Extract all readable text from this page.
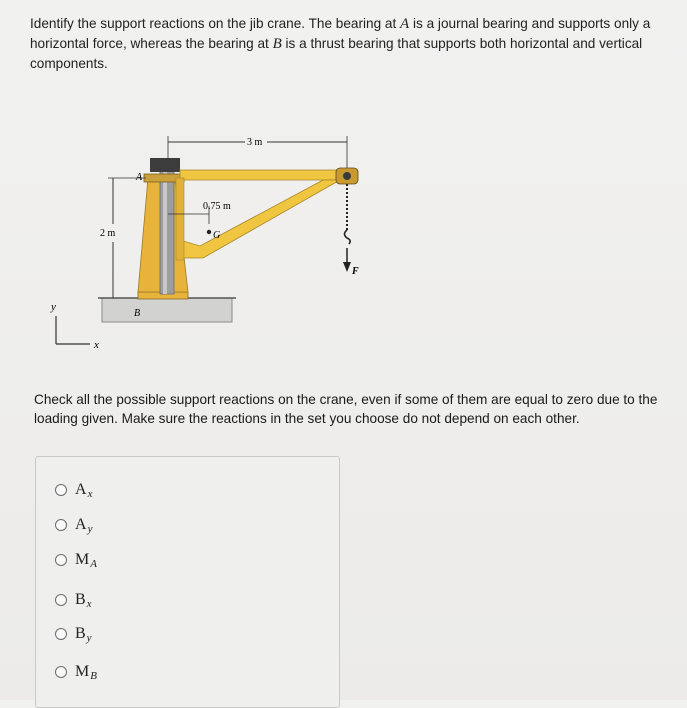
Identify the support reactions on the jib crane. The bearing at A is a journal bearing and supports only a horizontal force, whereas the bearing at B is a thrust bearing that supports both horizontal and vertical components.
F
3 m
2 m
0.75 m
G
A
B
y
x
Check all the possible support reactions on the crane, even if some of them are equal to zero due to the loading given. Make sure the reactions in the set you choose do not depend on each other.
Ax
Ay
MA
Bx
By
MB
